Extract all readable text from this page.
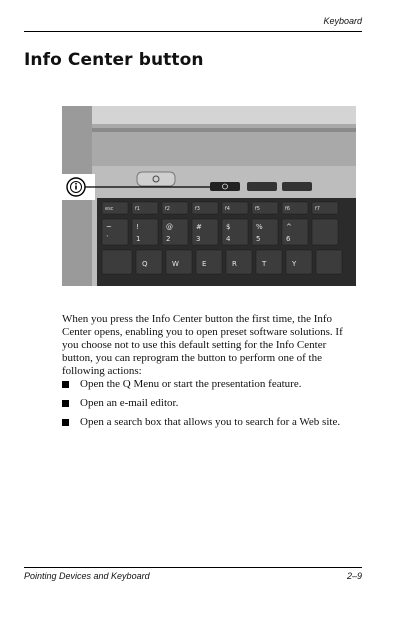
Keyboard
Info Center button
esc	f1	f2	f3	f4	f5	f6	f7
~	!	@	#	$	%	^
`	1	2	3	4	5	6
Q	W	E	R	T	Y
When you press the Info Center button the first time, the Info Center opens, enabling you to open preset software solutions. If you choose not to use this default setting for the Info Center button, you can reprogram the button to perform one of the following actions:
Open the Q Menu or start the presentation feature.
Open an e-mail editor.
Open a search box that allows you to search for a Web site.
Pointing Devices and Keyboard	2–9
